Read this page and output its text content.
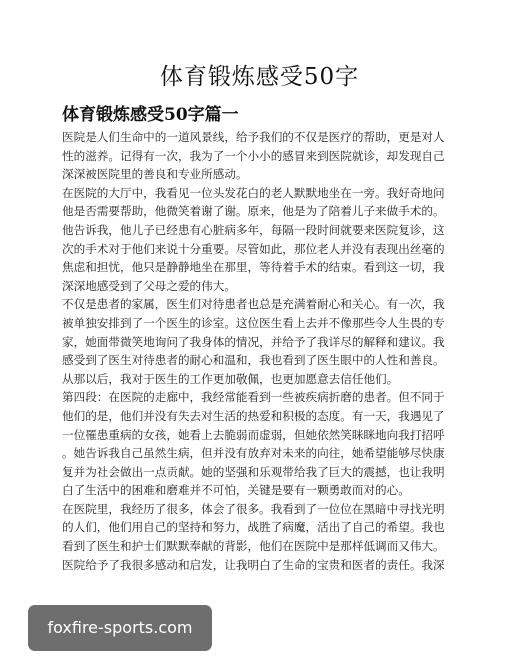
体育锻炼感受50字
体育锻炼感受50字篇一
医院是人们生命中的一道风景线，给予我们的不仅是医疗的帮助，更是对人
性的滋养。记得有一次，我为了一个小小的感冒来到医院就诊，却发现自己
深深被医院里的善良和专业所感动。
在医院的大厅中，我看见一位头发花白的老人默默地坐在一旁。我好奇地问
他是否需要帮助，他微笑着谢了谢。原来，他是为了陪着儿子来做手术的。
他告诉我，他儿子已经患有心脏病多年，每隔一段时间就要来医院复诊，这
次的手术对于他们来说十分重要。尽管如此，那位老人并没有表现出丝毫的
焦虑和担忧，他只是静静地坐在那里，等待着手术的结束。看到这一切，我
深深地感受到了父母之爱的伟大。
不仅是患者的家属，医生们对待患者也总是充满着耐心和关心。有一次，我
被单独安排到了一个医生的诊室。这位医生看上去并不像那些令人生畏的专
家，她面带微笑地询问了我身体的情况，并给予了我详尽的解释和建议。我
感受到了医生对待患者的耐心和温和，我也看到了医生眼中的人性和善良。
从那以后，我对于医生的工作更加敬佩，也更加愿意去信任他们。
第四段：在医院的走廊中，我经常能看到一些被疾病折磨的患者。但不同于
他们的是，他们并没有失去对生活的热爱和积极的态度。有一天，我遇见了
一位罹患重病的女孩，她看上去脆弱而虚弱，但她依然笑眯眯地向我打招呼
。她告诉我自己虽然生病，但并没有放弃对未来的向往，她希望能够尽快康
复并为社会做出一点贡献。她的坚强和乐观带给我了巨大的震撼，也让我明
白了生活中的困难和磨难并不可怕，关键是要有一颗勇敢而对的心。
在医院里，我经历了很多，体会了很多。我看到了一位位在黑暗中寻找光明
的人们，他们用自己的坚持和努力，战胜了病魔，活出了自己的希望。我也
看到了医生和护士们默默奉献的背影，他们在医院中是那样低调而又伟大。
医院给予了我很多感动和启发，让我明白了生命的宝贵和医者的责任。我深
foxfire-sports.com
